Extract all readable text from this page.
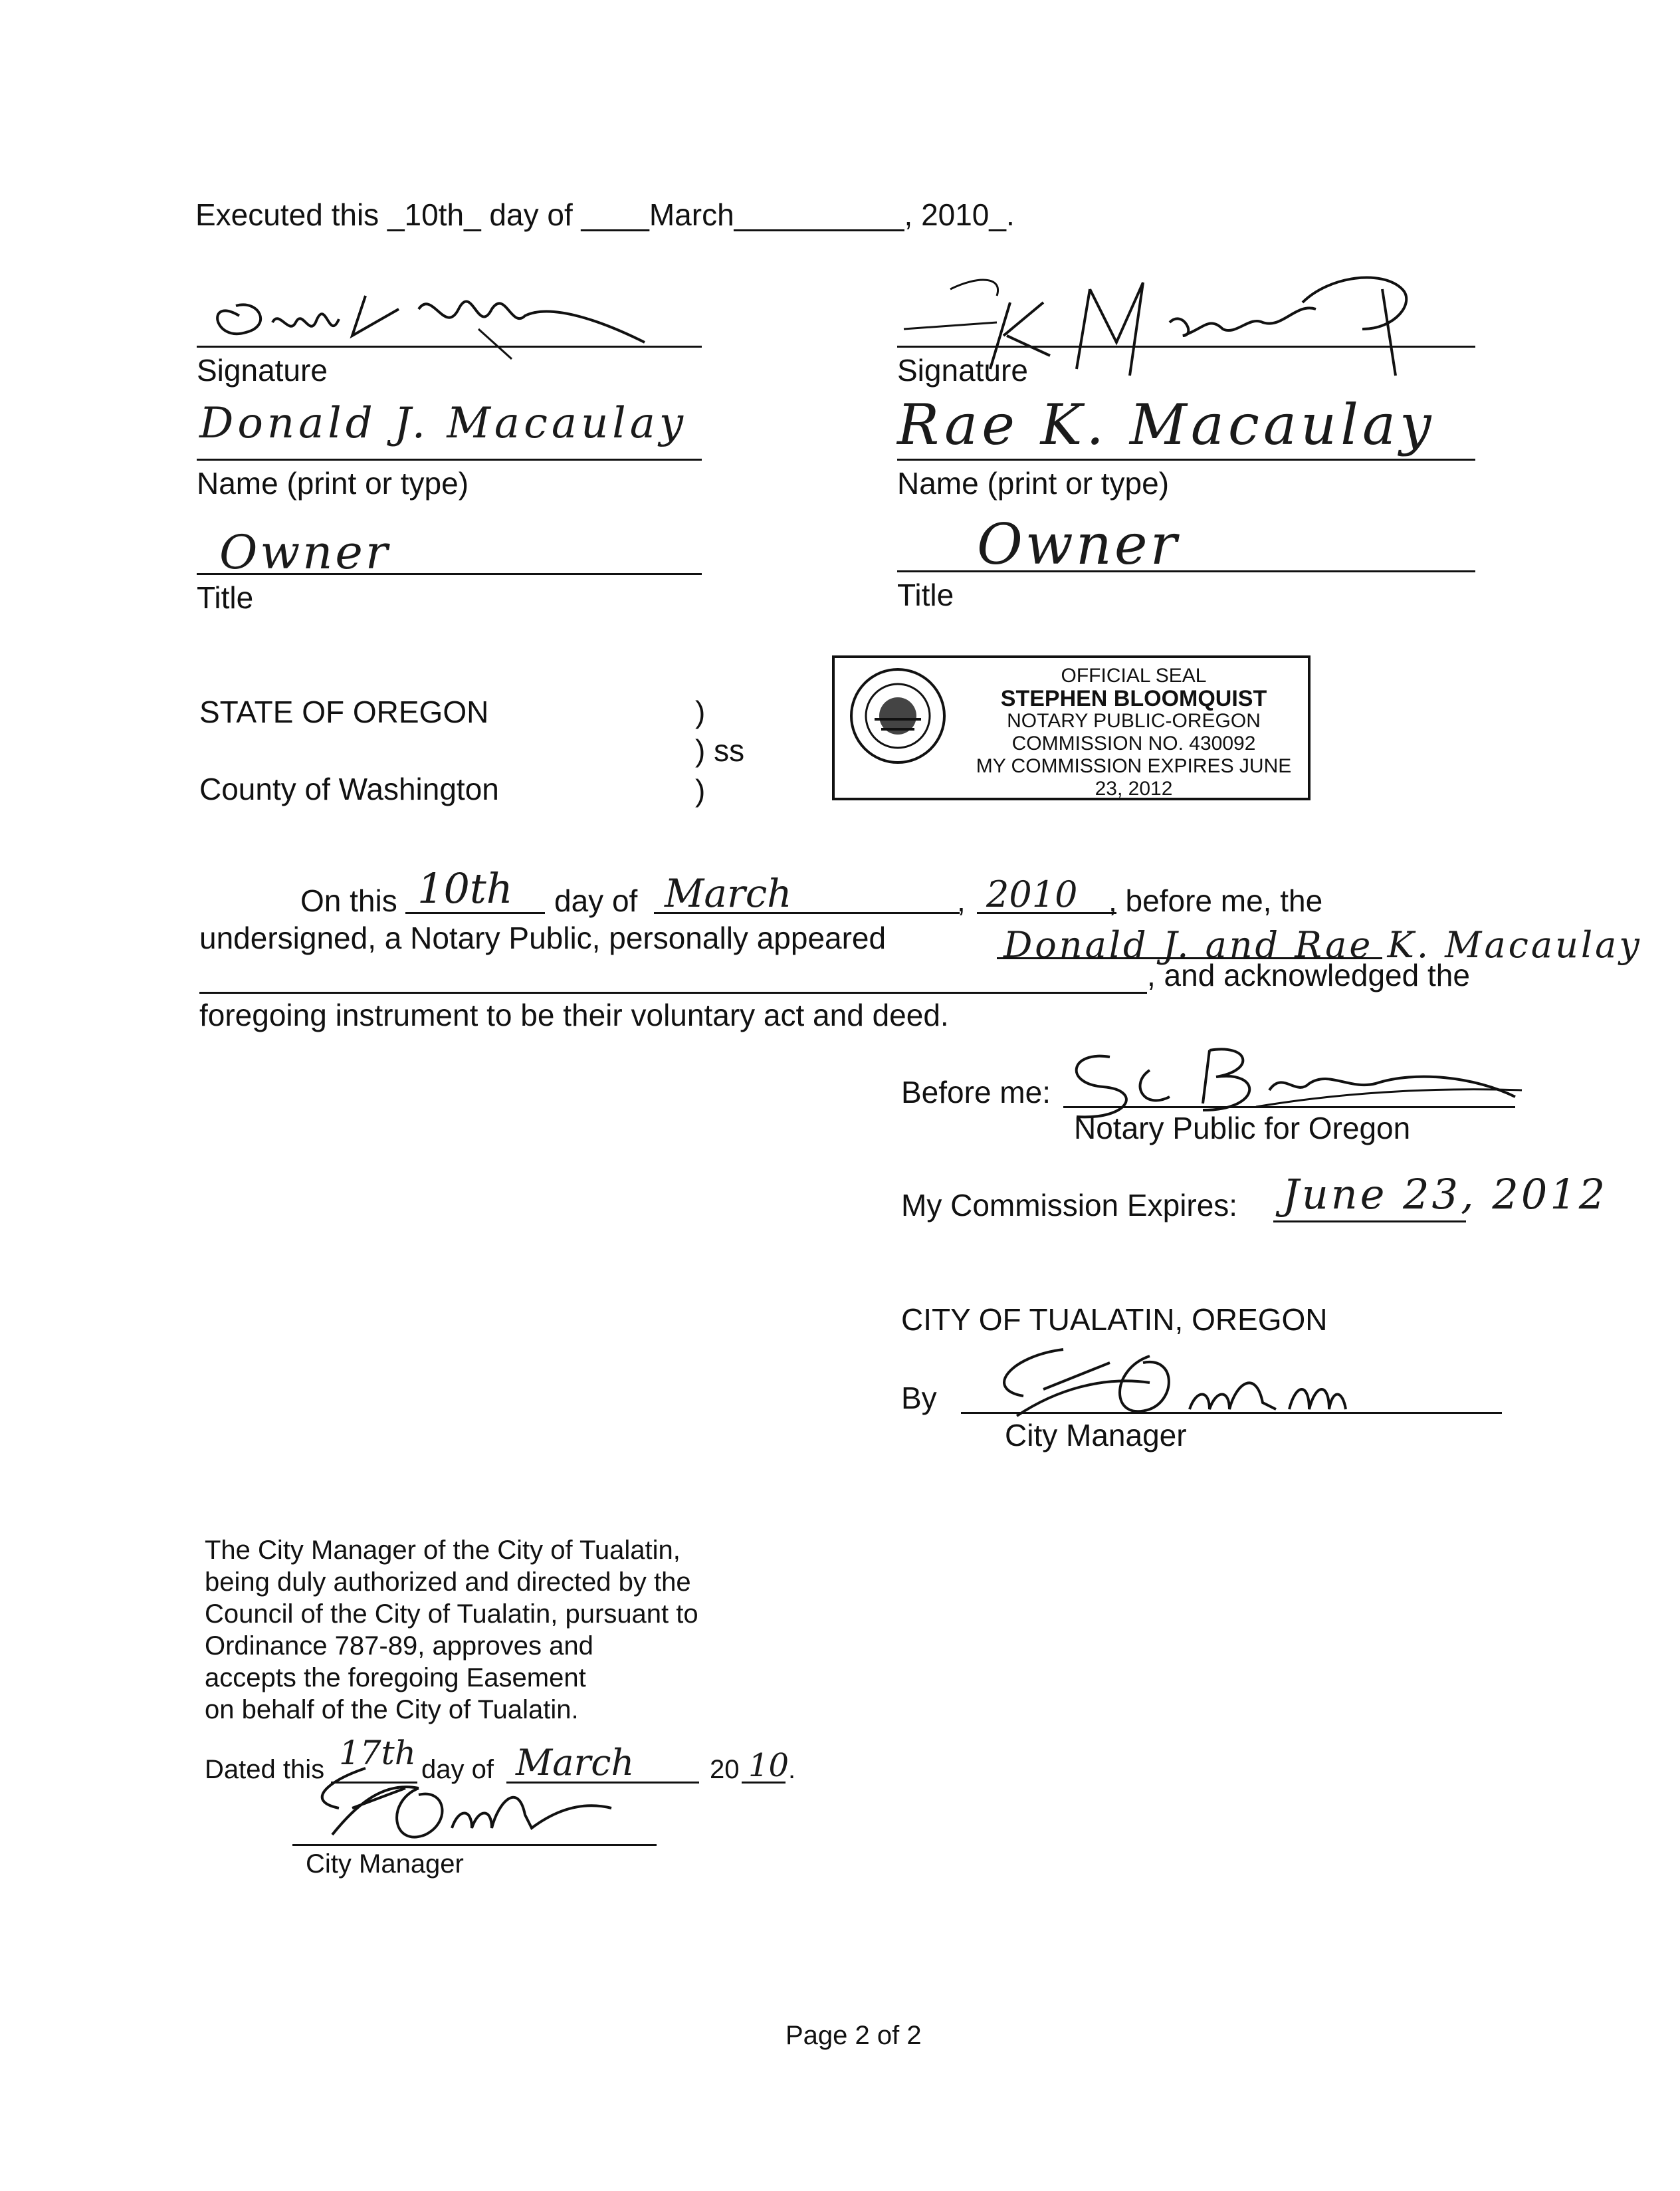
Executed this _10th_ day of ____March__________, 2010_.
Signature
Donald J. Macaulay
Name (print or type)
Owner
Title
Signature
Rae K. Macaulay
Name (print or type)
Owner
Title
STATE OF OREGON
County of Washington
)
) ss
)
OFFICIAL SEAL
STEPHEN BLOOMQUIST
NOTARY PUBLIC-OREGON
COMMISSION NO. 430092
MY COMMISSION EXPIRES JUNE 23, 2012
On this 10th day of March	, 2010 , before me, the
undersigned, a Notary Public, personally appeared	Donald J. and Rae K. Macaulay
, and acknowledged the
foregoing instrument to be their voluntary act and deed.
Before me:
Notary Public for Oregon
My Commission Expires: June 23, 2012
CITY OF TUALATIN, OREGON
By
City Manager
The City Manager of the City of Tualatin,
being duly authorized and directed by the
Council of the City of Tualatin, pursuant to
Ordinance 787-89, approves and
accepts the foregoing Easement
on behalf of the City of Tualatin.
Dated this 17th day of March	20 10
.
City Manager
Page 2 of 2
